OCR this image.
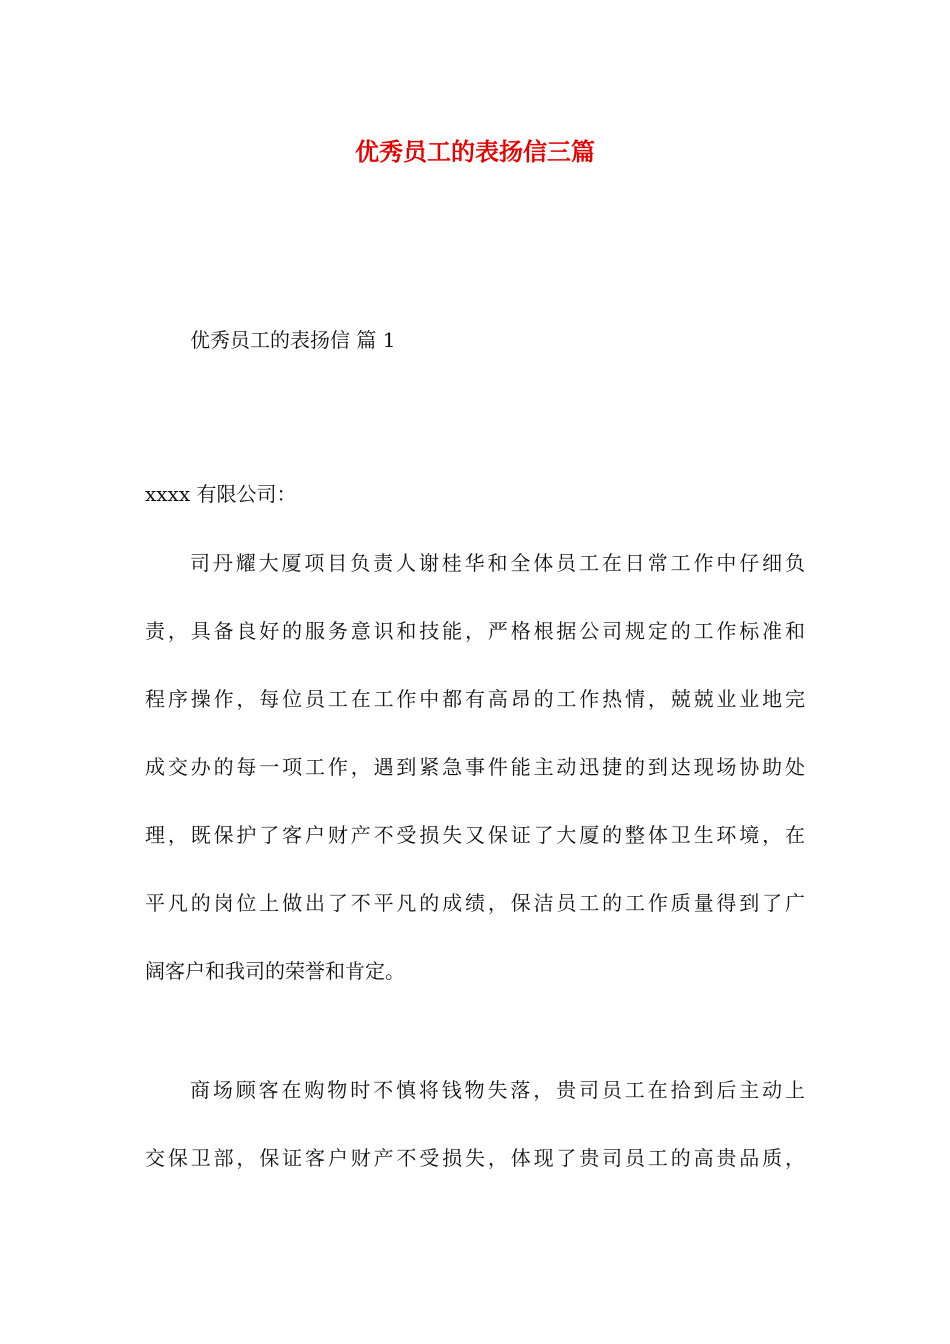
优秀员工的表扬信三篇
优秀员工的表扬信 篇 1
xxxx 有限公司：
司丹耀大厦项目负责人谢桂华和全体员工在日常工作中仔细负
责，具备良好的服务意识和技能，严格根据公司规定的工作标准和
程序操作，每位员工在工作中都有高昂的工作热情，兢兢业业地完
成交办的每一项工作，遇到紧急事件能主动迅捷的到达现场协助处
理，既保护了客户财产不受损失又保证了大厦的整体卫生环境，在
平凡的岗位上做出了不平凡的成绩，保洁员工的工作质量得到了广
阔客户和我司的荣誉和肯定。
商场顾客在购物时不慎将钱物失落，贵司员工在拾到后主动上
交保卫部，保证客户财产不受损失，体现了贵司员工的高贵品质，
